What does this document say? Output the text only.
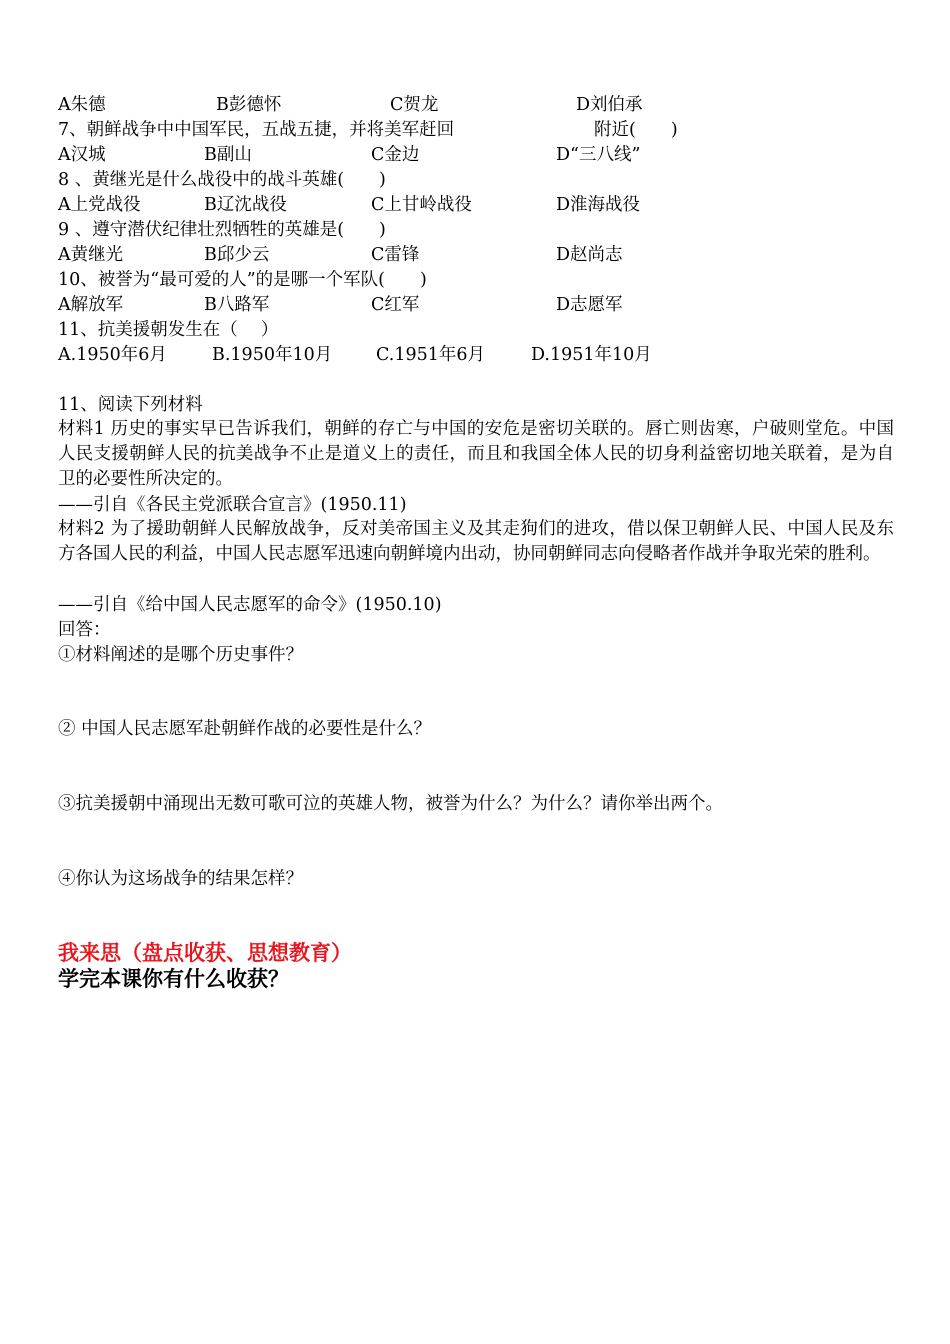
A朱德	B彭德怀	C贺龙	D刘伯承
7、朝鲜战争中中国军民，五战五捷，并将美军赶回	附近(　　)
A汉城	B副山	C金边	D“三八线”
8 、黄继光是什么战役中的战斗英雄(　　)
A上党战役	B辽沈战役	C上甘岭战役	D淮海战役
9 、遵守潜伏纪律壮烈牺牲的英雄是(　　)
A黄继光	B邱少云	C雷锋	D赵尚志
10、被誉为“最可爱的人”的是哪一个军队(　　)
A解放军	B八路军	C红军	D志愿军
11、抗美援朝发生在（　 ）
A.1950年6月	B.1950年10月	C.1951年6月	D.1951年10月
11、阅读下列材料
材料1 历史的事实早已告诉我们，朝鲜的存亡与中国的安危是密切关联的。唇亡则齿寒，户破则堂危。中国人民支援朝鲜人民的抗美战争不止是道义上的责任，而且和我国全体人民的切身利益密切地关联着，是为自卫的必要性所决定的。
——引自《各民主党派联合宣言》(1950.11)
材料2 为了援助朝鲜人民解放战争，反对美帝国主义及其走狗们的进攻，借以保卫朝鲜人民、中国人民及东方各国人民的利益，中国人民志愿军迅速向朝鲜境内出动，协同朝鲜同志向侵略者作战并争取光荣的胜利。
——引自《给中国人民志愿军的命令》(1950.10)
回答：
①材料阐述的是哪个历史事件？
② 中国人民志愿军赴朝鲜作战的必要性是什么？
③抗美援朝中涌现出无数可歌可泣的英雄人物，被誉为什么？为什么？请你举出两个。
④你认为这场战争的结果怎样？
我来思（盘点收获、思想教育）
学完本课你有什么收获？
